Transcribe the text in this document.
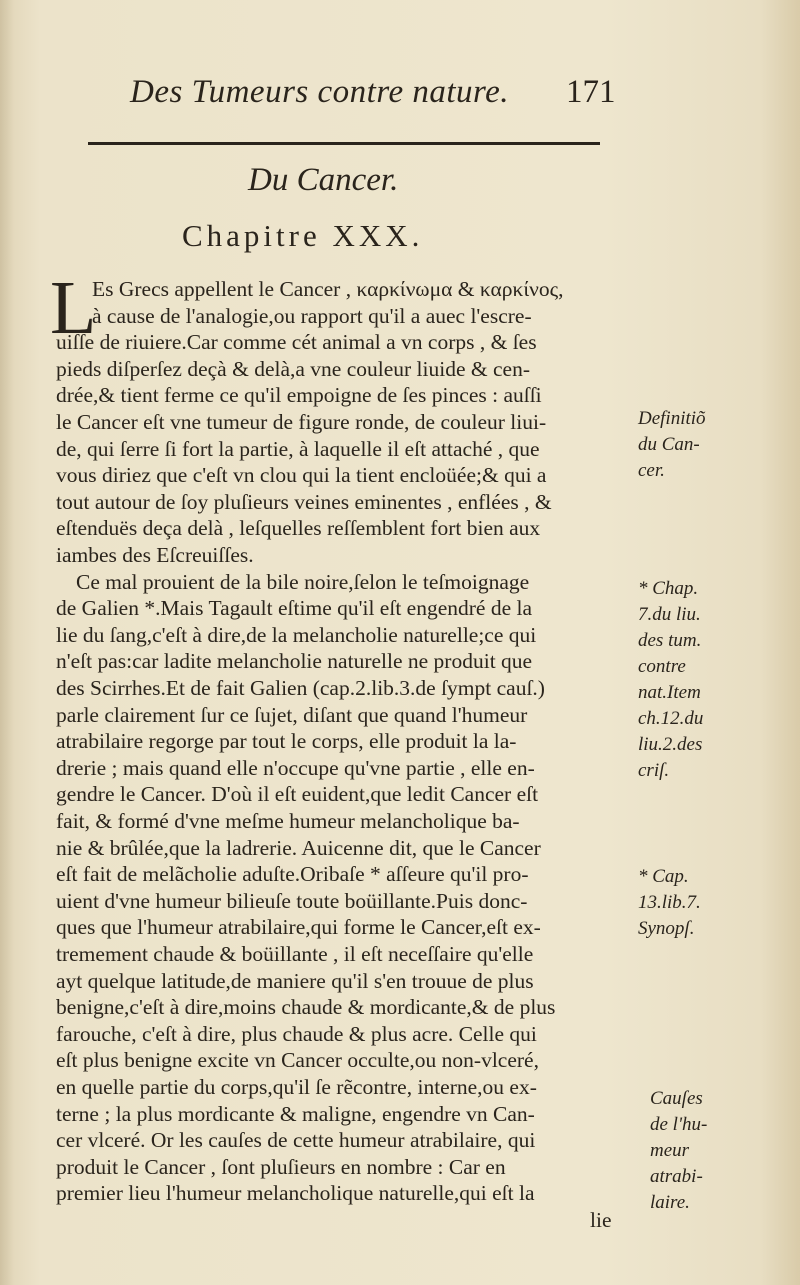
Des Tumeurs contre nature. 171
Du Cancer.
Chapitre XXX.
L
Es Grecs appellent le Cancer , καρκίνωμα & καρκίνος,
à cause de l'analogie,ou rapport qu'il a auec l'escre-
uiſſe de riuiere.Car comme cét animal a vn corps , & ſes
pieds diſperſez deçà & delà,a vne couleur liuide & cen-
drée,& tient ferme ce qu'il empoigne de ſes pinces : auſſi
le Cancer eſt vne tumeur de figure ronde, de couleur liui-
de, qui ſerre ſi fort la partie, à laquelle il eſt attaché , que
vous diriez que c'eſt vn clou qui la tient encloüée;& qui a
tout autour de ſoy pluſieurs veines eminentes , enflées , &
eſtenduës deça delà , leſquelles reſſemblent fort bien aux
iambes des Eſcreuiſſes.
Ce mal prouient de la bile noire,ſelon le teſmoignage
de Galien *.Mais Tagault eſtime qu'il eſt engendré de la
lie du ſang,c'eſt à dire,de la melancholie naturelle;ce qui
n'eſt pas:car ladite melancholie naturelle ne produit que
des Scirrhes.Et de fait Galien (cap.2.lib.3.de ſympt cauſ.)
parle clairement ſur ce ſujet, diſant que quand l'humeur
atrabilaire regorge par tout le corps, elle produit la la-
drerie ; mais quand elle n'occupe qu'vne partie , elle en-
gendre le Cancer. D'où il eſt euident,que ledit Cancer eſt
fait, & formé d'vne meſme humeur melancholique ba-
nie & brûlée,que la ladrerie. Auicenne dit, que le Cancer
eſt fait de melãcholie aduſte.Oribaſe * aſſeure qu'il pro-
uient d'vne humeur bilieuſe toute boüillante.Puis donc-
ques que l'humeur atrabilaire,qui forme le Cancer,eſt ex-
tremement chaude & boüillante , il eſt neceſſaire qu'elle
ayt quelque latitude,de maniere qu'il s'en trouue de plus
benigne,c'eſt à dire,moins chaude & mordicante,& de plus
farouche, c'eſt à dire, plus chaude & plus acre. Celle qui
eſt plus benigne excite vn Cancer occulte,ou non-vlceré,
en quelle partie du corps,qu'il ſe rẽcontre, interne,ou ex-
terne ; la plus mordicante & maligne, engendre vn Can-
cer vlceré. Or les cauſes de cette humeur atrabilaire, qui
produit le Cancer , ſont pluſieurs en nombre : Car en
premier lieu l'humeur melancholique naturelle,qui eſt la
lie
Definitiõ
du Can-
cer.
* Chap.
7.du liu.
des tum.
contre
nat.Item
ch.12.du
liu.2.des
criſ.
* Cap.
13.lib.7.
Synopſ.
Cauſes
de l'hu-
meur
atrabi-
laire.
